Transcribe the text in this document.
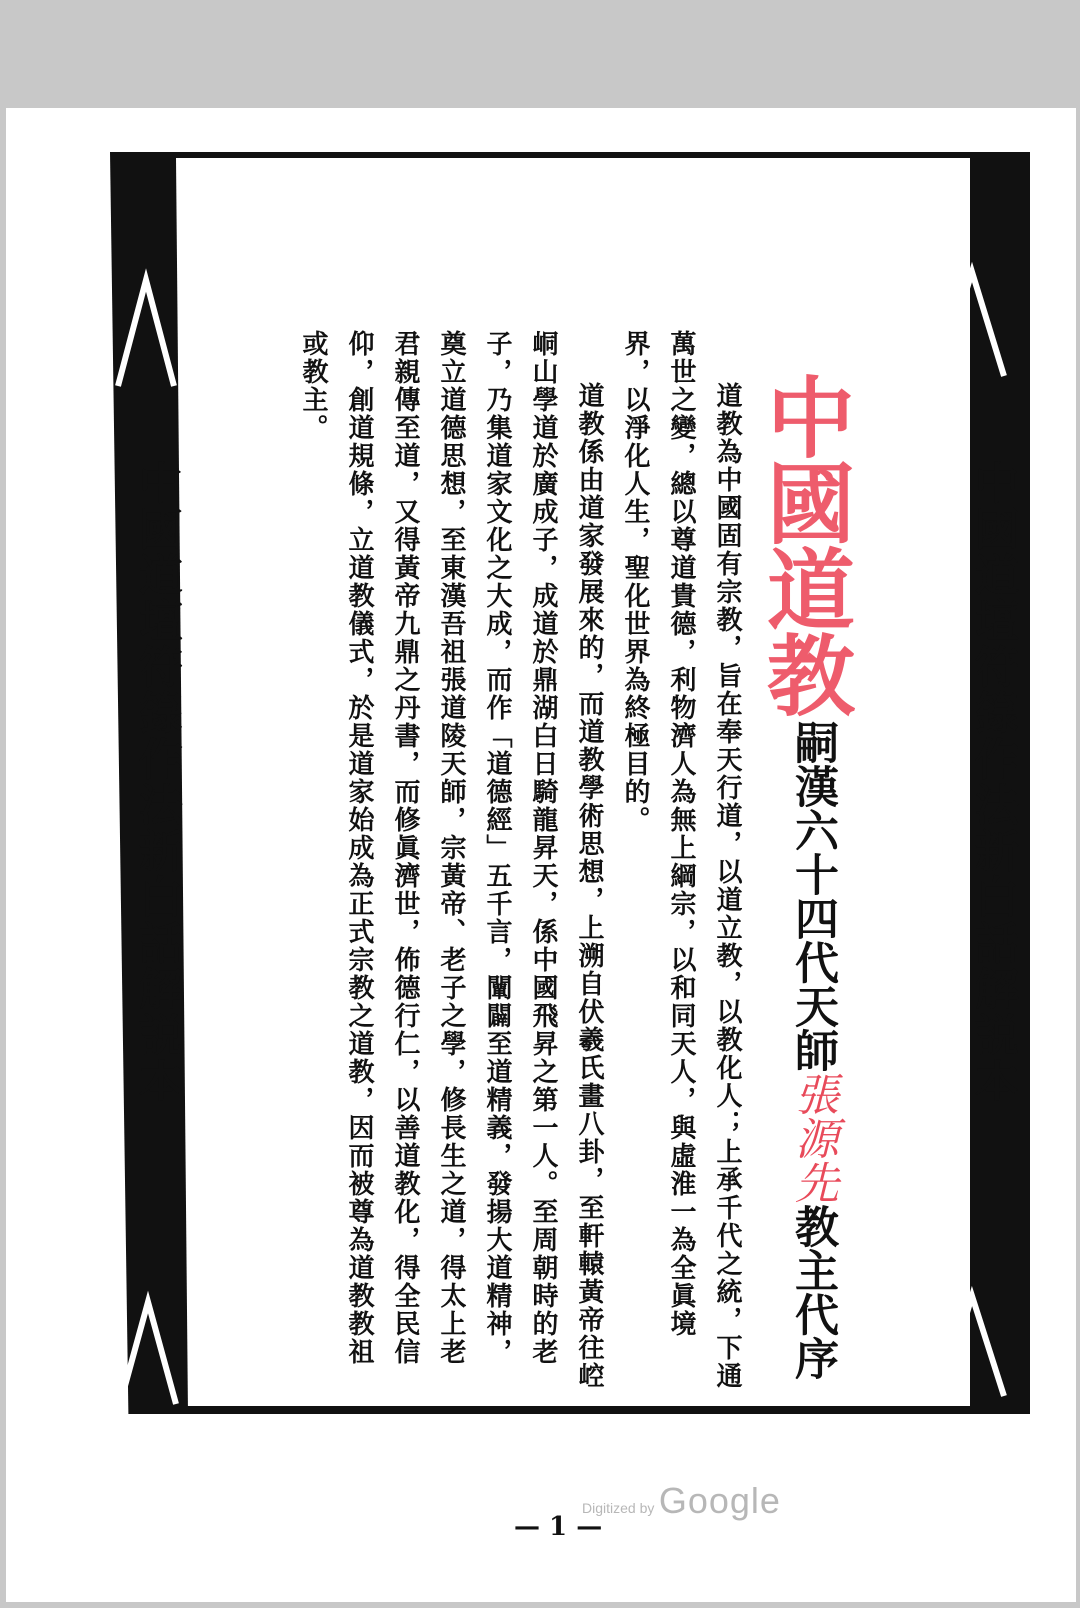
中國道壇符籙作法新白話解説本
中國道壇符籙作法新白話解説本	中國道教
嗣漢六十四代天師張源先教主代序

道教為中國固有宗教，旨在奉天行道，以道立教，以教化人；上承千代之統，下通萬世之變，總以尊道貴德，利物濟人為無上綱宗，以和同天人，與虛淮一為全眞境界，以淨化人生，聖化世界為終極目的。

道教係由道家發展來的，而道教學術思想，上溯自伏羲氏畫八卦，至軒轅黃帝往崆峒山學道於廣成子，成道於鼎湖白日騎龍昇天，係中國飛昇之第一人。至周朝時的老子，乃集道家文化之大成，而作「道德經」五千言，闡闢至道精義，發揚大道精神，奠立道德思想，至東漢吾祖張道陵天師，宗黃帝、老子之學，修長生之道，得太上老君親傳至道，又得黃帝九鼎之丹書，而修眞濟世，佈德行仁，以善道教化，得全民信仰，創道規條，立道教儀式，於是道家始成為正式宗教之道教，因而被尊為道教教祖或教主。

— 1 —
Digitized by Google
